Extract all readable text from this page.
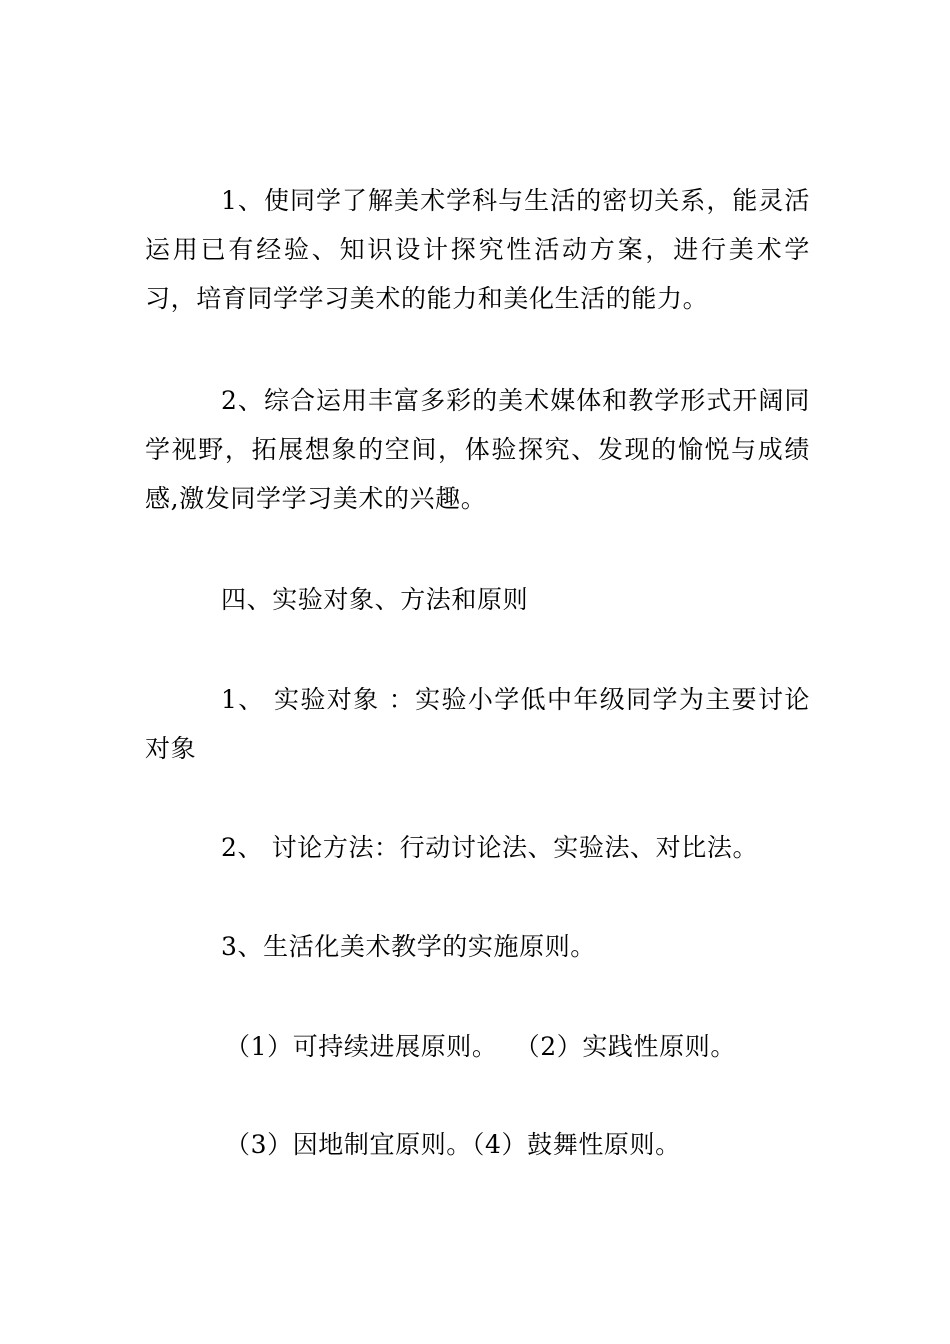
1、使同学了解美术学科与生活的密切关系，能灵活运用已有经验、知识设计探究性活动方案，进行美术学习，培育同学学习美术的能力和美化生活的能力。

2、综合运用丰富多彩的美术媒体和教学形式开阔同学视野，拓展想象的空间，体验探究、发现的愉悦与成绩感,激发同学学习美术的兴趣。

四、实验对象、方法和原则

1、 实验对象 ：实验小学低中年级同学为主要讨论对象

2、 讨论方法：行动讨论法、实验法、对比法。

3、生活化美术教学的实施原则。

（1）可持续进展原则。 （2）实践性原则。

（3）因地制宜原则。（4）鼓舞性原则。
